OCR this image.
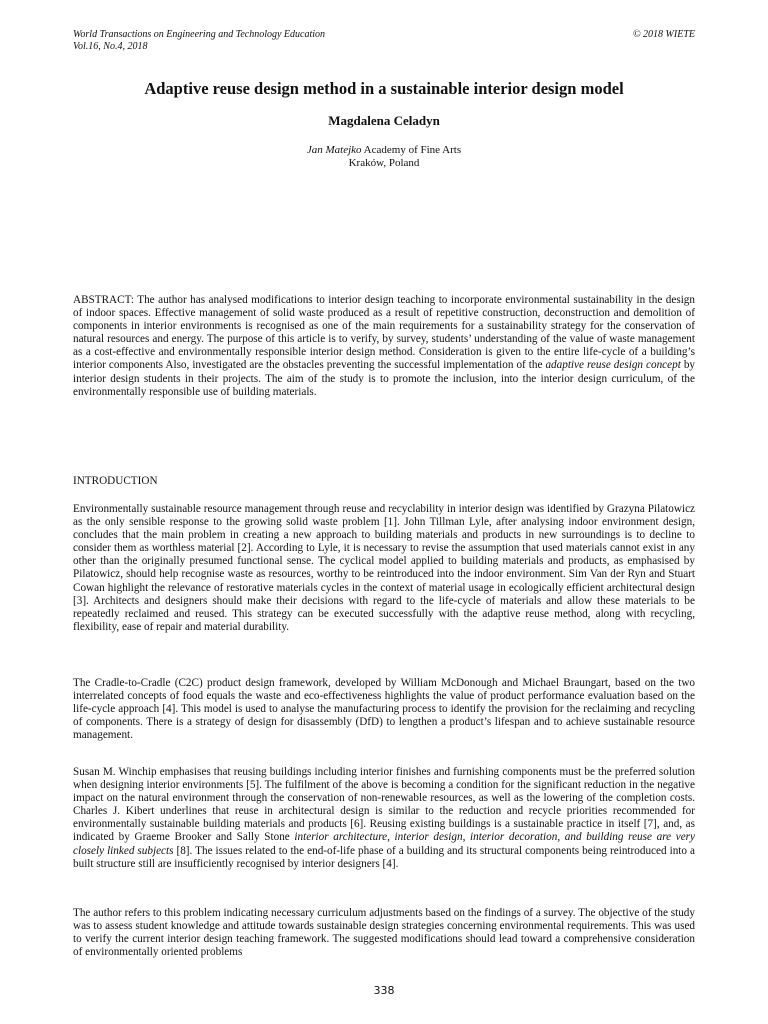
World Transactions on Engineering and Technology Education
Vol.16, No.4, 2018
© 2018 WIETE
Adaptive reuse design method in a sustainable interior design model
Magdalena Celadyn
Jan Matejko Academy of Fine Arts
Kraków, Poland

ABSTRACT: The author has analysed modifications to interior design teaching to incorporate environmental sustainability in the design of indoor spaces. Effective management of solid waste produced as a result of repetitive construction, deconstruction and demolition of components in interior environments is recognised as one of the main requirements for a sustainability strategy for the conservation of natural resources and energy. The purpose of this article is to verify, by survey, students’ understanding of the value of waste management as a cost-effective and environmentally responsible interior design method. Consideration is given to the entire life-cycle of a building’s interior components Also, investigated are the obstacles preventing the successful implementation of the adaptive reuse design concept by interior design students in their projects. The aim of the study is to promote the inclusion, into the interior design curriculum, of the environmentally responsible use of building materials.

INTRODUCTION

Environmentally sustainable resource management through reuse and recyclability in interior design was identified by Grazyna Pilatowicz as the only sensible response to the growing solid waste problem [1]. John Tillman Lyle, after analysing indoor environment design, concludes that the main problem in creating a new approach to building materials and products in new surroundings is to decline to consider them as worthless material [2]. According to Lyle, it is necessary to revise the assumption that used materials cannot exist in any other than the originally presumed functional sense. The cyclical model applied to building materials and products, as emphasised by Pilatowicz, should help recognise waste as resources, worthy to be reintroduced into the indoor environment. Sim Van der Ryn and Stuart Cowan highlight the relevance of restorative materials cycles in the context of material usage in ecologically efficient architectural design [3]. Architects and designers should make their decisions with regard to the life-cycle of materials and allow these materials to be repeatedly reclaimed and reused. This strategy can be executed successfully with the adaptive reuse method, along with recycling, flexibility, ease of repair and material durability.

The Cradle-to-Cradle (C2C) product design framework, developed by William McDonough and Michael Braungart, based on the two interrelated concepts of food equals the waste and eco-effectiveness highlights the value of product performance evaluation based on the life-cycle approach [4]. This model is used to analyse the manufacturing process to identify the provision for the reclaiming and recycling of components. There is a strategy of design for disassembly (DfD) to lengthen a product’s lifespan and to achieve sustainable resource management.

Susan M. Winchip emphasises that reusing buildings including interior finishes and furnishing components must be the preferred solution when designing interior environments [5]. The fulfilment of the above is becoming a condition for the significant reduction in the negative impact on the natural environment through the conservation of non-renewable resources, as well as the lowering of the completion costs. Charles J. Kibert underlines that reuse in architectural design is similar to the reduction and recycle priorities recommended for environmentally sustainable building materials and products [6]. Reusing existing buildings is a sustainable practice in itself [7], and, as indicated by Graeme Brooker and Sally Stone interior architecture, interior design, interior decoration, and building reuse are very closely linked subjects [8]. The issues related to the end-of-life phase of a building and its structural components being reintroduced into a built structure still are insufficiently recognised by interior designers [4].

The author refers to this problem indicating necessary curriculum adjustments based on the findings of a survey. The objective of the study was to assess student knowledge and attitude towards sustainable design strategies concerning environmental requirements. This was used to verify the current interior design teaching framework. The suggested modifications should lead toward a comprehensive consideration of environmentally oriented problems

338
